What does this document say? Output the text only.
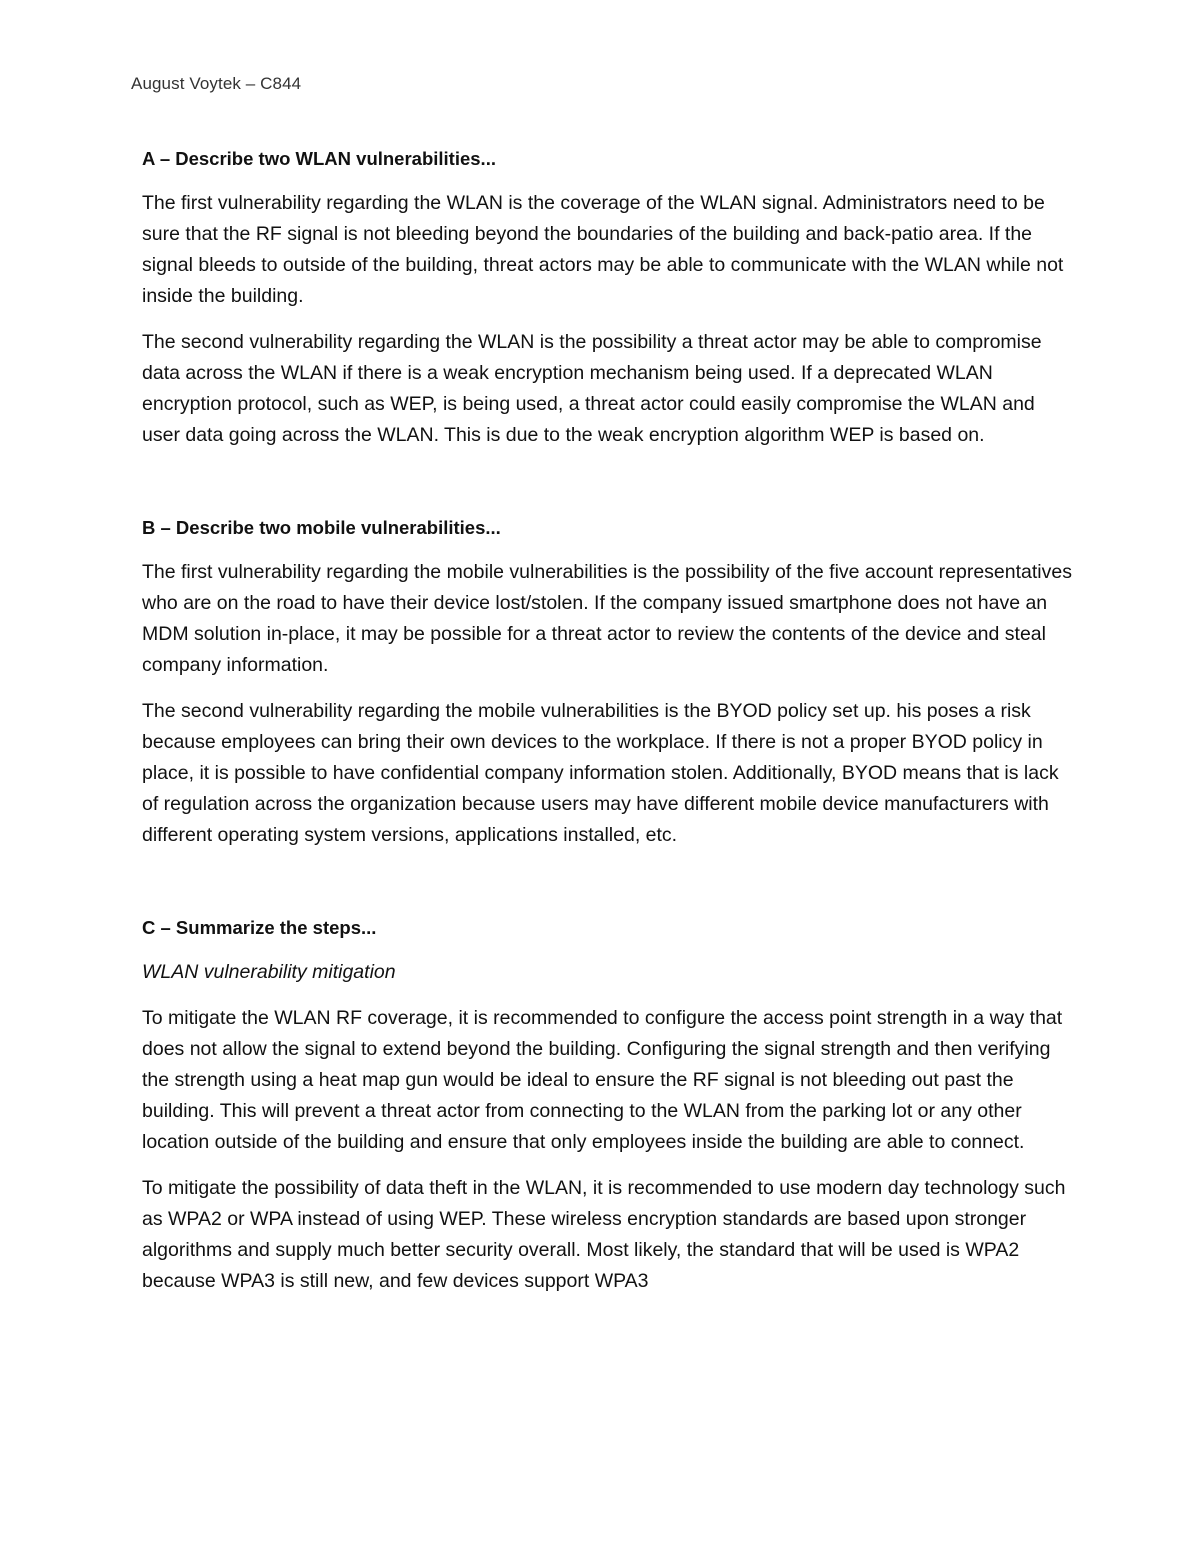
August Voytek – C844
A – Describe two WLAN vulnerabilities...

The first vulnerability regarding the WLAN is the coverage of the WLAN signal. Administrators need to be sure that the RF signal is not bleeding beyond the boundaries of the building and back-patio area. If the signal bleeds to outside of the building, threat actors may be able to communicate with the WLAN while not inside the building.

The second vulnerability regarding the WLAN is the possibility a threat actor may be able to compromise data across the WLAN if there is a weak encryption mechanism being used. If a deprecated WLAN encryption protocol, such as WEP, is being used, a threat actor could easily compromise the WLAN and user data going across the WLAN. This is due to the weak encryption algorithm WEP is based on.

B – Describe two mobile vulnerabilities...

The first vulnerability regarding the mobile vulnerabilities is the possibility of the five account representatives who are on the road to have their device lost/stolen. If the company issued smartphone does not have an MDM solution in-place, it may be possible for a threat actor to review the contents of the device and steal company information.

The second vulnerability regarding the mobile vulnerabilities is the BYOD policy set up. his poses a risk because employees can bring their own devices to the workplace. If there is not a proper BYOD policy in place, it is possible to have confidential company information stolen. Additionally, BYOD means that is lack of regulation across the organization because users may have different mobile device manufacturers with different operating system versions, applications installed, etc.

C – Summarize the steps...
WLAN vulnerability mitigation

To mitigate the WLAN RF coverage, it is recommended to configure the access point strength in a way that does not allow the signal to extend beyond the building. Configuring the signal strength and then verifying the strength using a heat map gun would be ideal to ensure the RF signal is not bleeding out past the building. This will prevent a threat actor from connecting to the WLAN from the parking lot or any other location outside of the building and ensure that only employees inside the building are able to connect.

To mitigate the possibility of data theft in the WLAN, it is recommended to use modern day technology such as WPA2 or WPA instead of using WEP. These wireless encryption standards are based upon stronger algorithms and supply much better security overall. Most likely, the standard that will be used is WPA2 because WPA3 is still new, and few devices support WPA3
